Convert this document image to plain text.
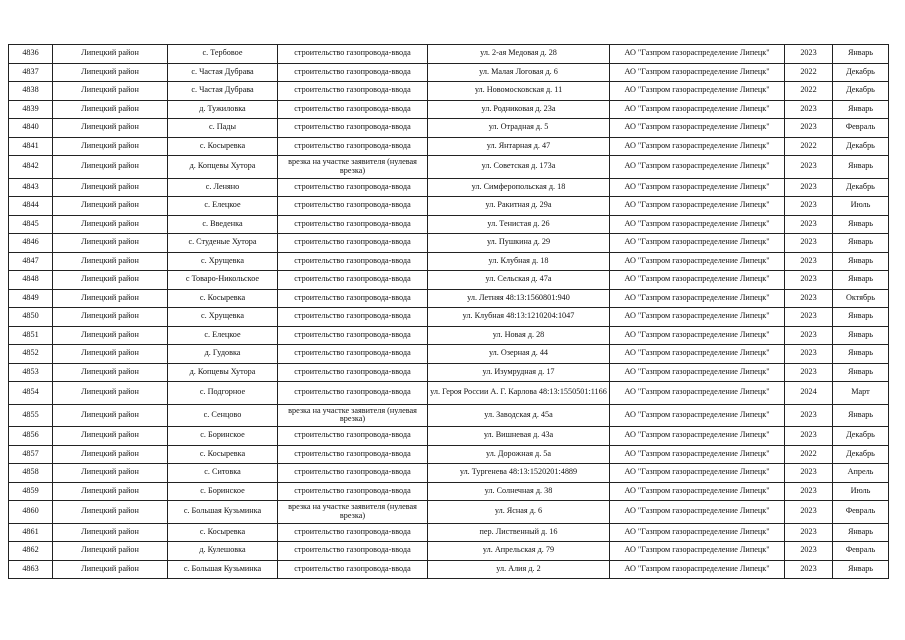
4836	Липецкий район	с. Тербовое	строительство газопровода-ввода	ул. 2-ая Медовая д. 28	АО "Газпром газораспределение Липецк"	2023	Январь
4837	Липецкий район	с. Частая Дубрава	строительство газопровода-ввода	ул. Малая Логовая д. 6	АО "Газпром газораспределение Липецк"	2022	Декабрь
4838	Липецкий район	с. Частая Дубрава	строительство газопровода-ввода	ул. Новомосковская д. 11	АО "Газпром газораспределение Липецк"	2022	Декабрь
4839	Липецкий район	д. Тужиловка	строительство газопровода-ввода	ул. Родниковая д. 23а	АО "Газпром газораспределение Липецк"	2023	Январь
4840	Липецкий район	с. Пады	строительство газопровода-ввода	ул. Отрадная д. 5	АО "Газпром газораспределение Липецк"	2023	Февраль
4841	Липецкий район	с. Косыревка	строительство газопровода-ввода	ул. Янтарная д. 47	АО "Газпром газораспределение Липецк"	2022	Декабрь
4842	Липецкий район	д. Копцевы Хутора	врезка на участке заявителя (нулевая врезка)	ул. Советская д. 173а	АО "Газпром газораспределение Липецк"	2023	Январь
4843	Липецкий район	с. Леняно	строительство газопровода-ввода	ул. Симферопольская д. 18	АО "Газпром газораспределение Липецк"	2023	Декабрь
4844	Липецкий район	с. Елецкое	строительство газопровода-ввода	ул. Ракитная д. 29а	АО "Газпром газораспределение Липецк"	2023	Июль
4845	Липецкий район	с. Введенка	строительство газопровода-ввода	ул. Тенистая д. 26	АО "Газпром газораспределение Липецк"	2023	Январь
4846	Липецкий район	с. Студеные Хутора	строительство газопровода-ввода	ул. Пушкина д. 29	АО "Газпром газораспределение Липецк"	2023	Январь
4847	Липецкий район	с. Хрущевка	строительство газопровода-ввода	ул. Клубная д. 18	АО "Газпром газораспределение Липецк"	2023	Январь
4848	Липецкий район	с Товаро-Никольское	строительство газопровода-ввода	ул. Сельская д. 47а	АО "Газпром газораспределение Липецк"	2023	Январь
4849	Липецкий район	с. Косыревка	строительство газопровода-ввода	ул. Летняя 48:13:1560801:940	АО "Газпром газораспределение Липецк"	2023	Октябрь
4850	Липецкий район	с. Хрущевка	строительство газопровода-ввода	ул. Клубная 48:13:1210204:1047	АО "Газпром газораспределение Липецк"	2023	Январь
4851	Липецкий район	с. Елецкое	строительство газопровода-ввода	ул. Новая д. 28	АО "Газпром газораспределение Липецк"	2023	Январь
4852	Липецкий район	д. Гудовка	строительство газопровода-ввода	ул. Озерная д. 44	АО "Газпром газораспределение Липецк"	2023	Январь
4853	Липецкий район	д. Копцевы Хутора	строительство газопровода-ввода	ул. Изумрудная д. 17	АО "Газпром газораспределение Липецк"	2023	Январь
4854	Липецкий район	с. Подгорное	строительство газопровода-ввода	ул. Героя России А. Г. Карлова 48:13:1550501:1166	АО "Газпром газораспределение Липецк"	2024	Март
4855	Липецкий район	с. Сенцово	врезка на участке заявителя (нулевая врезка)	ул. Заводская д. 45а	АО "Газпром газораспределение Липецк"	2023	Январь
4856	Липецкий район	с. Боринское	строительство газопровода-ввода	ул. Вишневая д. 43а	АО "Газпром газораспределение Липецк"	2023	Декабрь
4857	Липецкий район	с. Косыревка	строительство газопровода-ввода	ул. Дорожная д. 5а	АО "Газпром газораспределение Липецк"	2022	Декабрь
4858	Липецкий район	с. Ситовка	строительство газопровода-ввода	ул. Тургенева 48:13:1520201:4889	АО "Газпром газораспределение Липецк"	2023	Апрель
4859	Липецкий район	с. Боринское	строительство газопровода-ввода	ул. Солнечная д. 38	АО "Газпром газораспределение Липецк"	2023	Июль
4860	Липецкий район	с. Большая Кузьминка	врезка на участке заявителя (нулевая врезка)	ул. Ясная д. 6	АО "Газпром газораспределение Липецк"	2023	Февраль
4861	Липецкий район	с. Косыревка	строительство газопровода-ввода	пер. Лиственный д. 16	АО "Газпром газораспределение Липецк"	2023	Январь
4862	Липецкий район	д. Кулешовка	строительство газопровода-ввода	ул. Апрельская д. 79	АО "Газпром газораспределение Липецк"	2023	Февраль
4863	Липецкий район	с. Большая Кузьминка	строительство газопровода-ввода	ул. Алия д. 2	АО "Газпром газораспределение Липецк"	2023	Январь
